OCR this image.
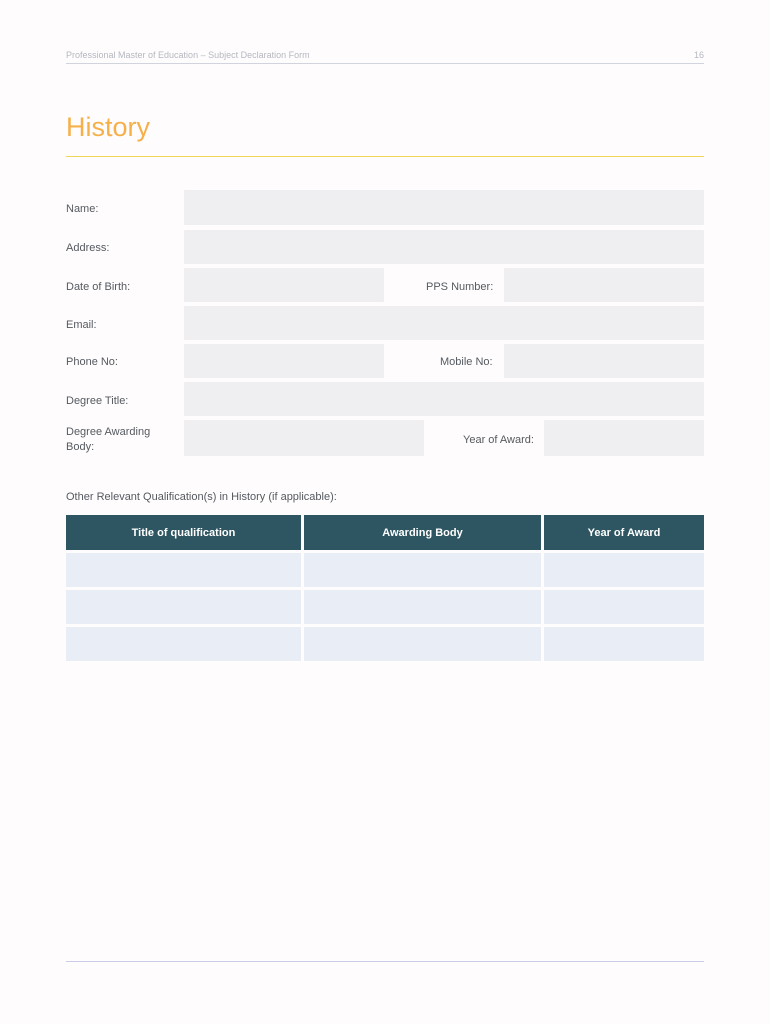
Professional Master of Education – Subject Declaration Form	16
History
Name:
Address:
Date of Birth:	PPS Number:
Email:
Phone No:	Mobile No:
Degree Title:
Degree Awarding Body:
Year of Award:
Other Relevant Qualification(s) in History (if applicable):
Title of qualification	Awarding Body	Year of Award
